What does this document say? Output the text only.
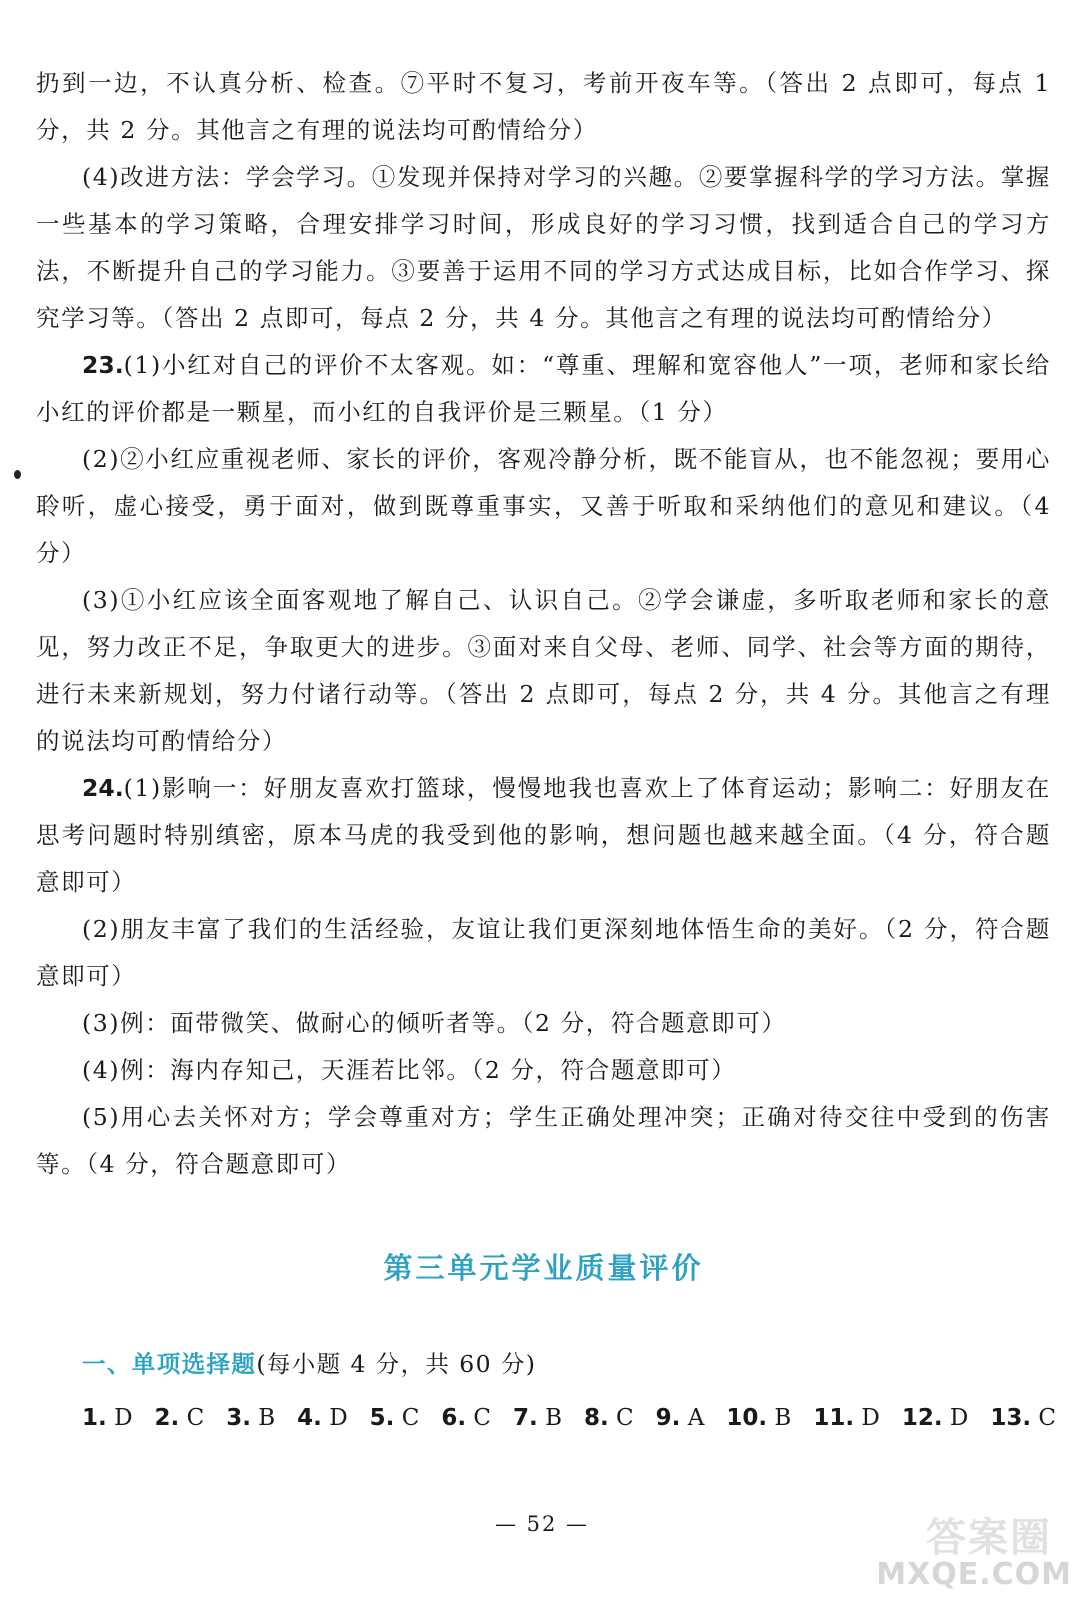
扔到一边，不认真分析、检查。⑦平时不复习，考前开夜车等。（答出 2 点即可，每点 1 分，共 2 分。其他言之有理的说法均可酌情给分）

(4)改进方法：学会学习。①发现并保持对学习的兴趣。②要掌握科学的学习方法。掌握一些基本的学习策略，合理安排学习时间，形成良好的学习习惯，找到适合自己的学习方法，不断提升自己的学习能力。③要善于运用不同的学习方式达成目标，比如合作学习、探究学习等。（答出 2 点即可，每点 2 分，共 4 分。其他言之有理的说法均可酌情给分）

23.(1)小红对自己的评价不太客观。如：“尊重、理解和宽容他人”一项，老师和家长给小红的评价都是一颗星，而小红的自我评价是三颗星。（1 分）

(2)②小红应重视老师、家长的评价，客观冷静分析，既不能盲从，也不能忽视；要用心聆听，虚心接受，勇于面对，做到既尊重事实，又善于听取和采纳他们的意见和建议。（4 分）

(3)①小红应该全面客观地了解自己、认识自己。②学会谦虚，多听取老师和家长的意见，努力改正不足，争取更大的进步。③面对来自父母、老师、同学、社会等方面的期待，进行未来新规划，努力付诸行动等。（答出 2 点即可，每点 2 分，共 4 分。其他言之有理的说法均可酌情给分）

24.(1)影响一：好朋友喜欢打篮球，慢慢地我也喜欢上了体育运动；影响二：好朋友在思考问题时特别缜密，原本马虎的我受到他的影响，想问题也越来越全面。（4 分，符合题意即可）

(2)朋友丰富了我们的生活经验，友谊让我们更深刻地体悟生命的美好。（2 分，符合题意即可）

(3)例：面带微笑、做耐心的倾听者等。（2 分，符合题意即可）

(4)例：海内存知己，天涯若比邻。（2 分，符合题意即可）

(5)用心去关怀对方；学会尊重对方；学生正确处理冲突；正确对待交往中受到的伤害等。（4 分，符合题意即可）

第三单元学业质量评价
一、单项选择题(每小题 4 分，共 60 分)
1. D 2. C 3. B 4. D 5. C 6. C 7. B 8. C 9. A 10. B 11. D 12. D 13. C
— 52 —	答案圈
MXQE.COM
